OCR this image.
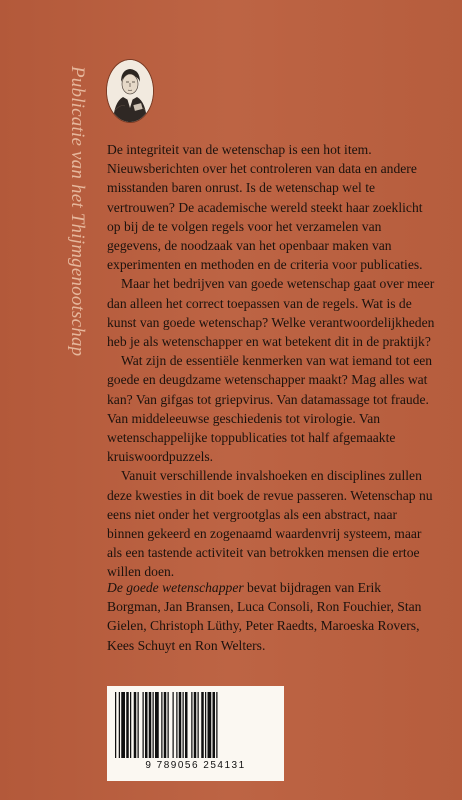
Publicatie van het Thijmgenootschap De integriteit van de wetenschap is een hot item. Nieuwsberichten over het controleren van data en andere misstanden baren onrust. Is de wetenschap wel te vertrouwen? De academische wereld steekt haar zoeklicht op bij de te volgen regels voor het verzamelen van gegevens, de noodzaak van het openbaar maken van experimenten en methoden en de criteria voor publicaties.

Maar het bedrijven van goede wetenschap gaat over meer dan alleen het correct toepassen van de regels. Wat is de kunst van goede wetenschap? Welke verantwoordelijkheden heb je als wetenschapper en wat betekent dit in de praktijk?

Wat zijn de essentiële kenmerken van wat iemand tot een goede en deugdzame wetenschapper maakt? Mag alles wat kan? Van gifgas tot griepvirus. Van datamassage tot fraude. Van middeleeuwse geschiedenis tot virologie. Van wetenschappelijke toppublicaties tot half afgemaakte kruiswoordpuzzels.

Vanuit verschillende invalshoeken en disciplines zullen deze kwesties in dit boek de revue passeren. Wetenschap nu eens niet onder het vergrootglas als een abstract, naar binnen gekeerd en zogenaamd waardenvrij systeem, maar als een tastende activiteit van betrokken mensen die ertoe willen doen.

De goede wetenschapper bevat bijdragen van Erik Borgman, Jan Bransen, Luca Consoli, Ron Fouchier, Stan Gielen, Christoph Lüthy, Peter Raedts, Maroeska Rovers, Kees Schuyt en Ron Welters.

9 789056 254131
